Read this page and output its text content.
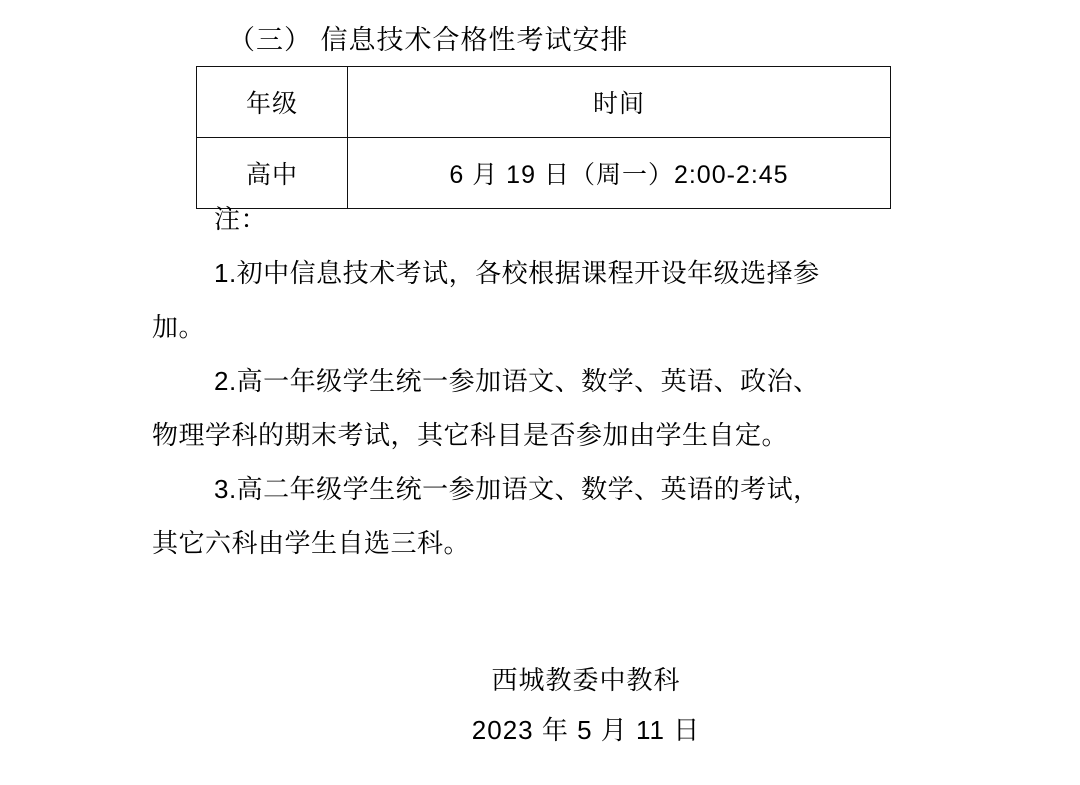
（三） 信息技术合格性考试安排
年级	时间
高中	6 月 19 日（周一）2:00-2:45

注：

1.初中信息技术考试，各校根据课程开设年级选择参

加。

2.高一年级学生统一参加语文、数学、英语、政治、

物理学科的期末考试，其它科目是否参加由学生自定。

3.高二年级学生统一参加语文、数学、英语的考试，

其它六科由学生自选三科。

西城教委中教科
2023 年 5 月 11 日
